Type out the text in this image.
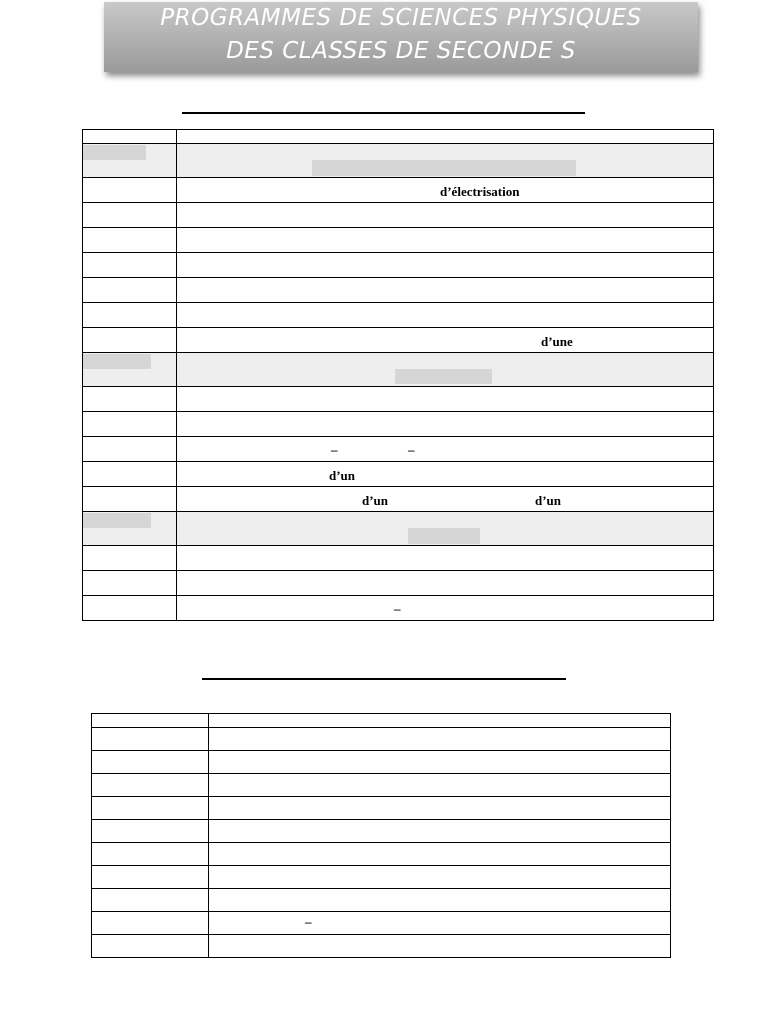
PROGRAMMES DE SCIENCES PHYSIQUES
DES CLASSES DE SECONDE S

	d’électrisation

	d’une

	– –

	d’un

	d’un d’un

	–

	–
